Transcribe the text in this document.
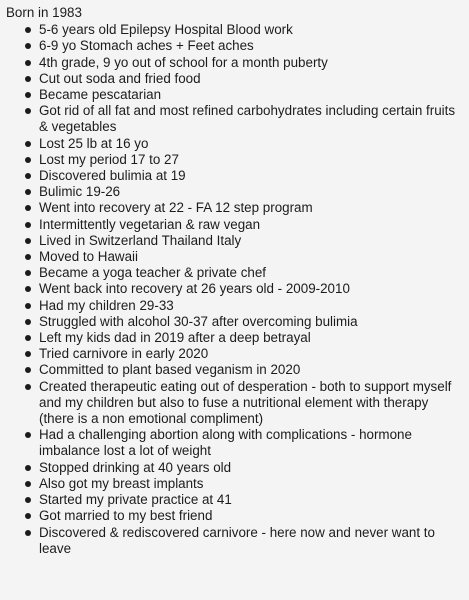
Born in 1983
5-6 years old Epilepsy Hospital Blood work
6-9 yo Stomach aches + Feet aches
4th grade, 9 yo out of school for a month puberty
Cut out soda and fried food
Became pescatarian
Got rid of all fat and most refined carbohydrates including certain fruits & vegetables
Lost 25 lb at 16 yo
Lost my period 17 to 27
Discovered bulimia at 19
Bulimic 19-26
Went into recovery at 22 - FA 12 step program
Intermittently vegetarian & raw vegan
Lived in Switzerland Thailand Italy
Moved to Hawaii
Became a yoga teacher & private chef
Went back into recovery at 26 years old - 2009-2010
Had my children 29-33
Struggled with alcohol 30-37 after overcoming bulimia
Left my kids dad in 2019 after a deep betrayal
Tried carnivore in early 2020
Committed to plant based veganism in 2020
Created therapeutic eating out of desperation - both to support myself and my children but also to fuse a nutritional element with therapy (there is a non emotional compliment)
Had a challenging abortion along with complications - hormone imbalance lost a lot of weight
Stopped drinking at 40 years old
Also got my breast implants
Started my private practice at 41
Got married to my best friend
Discovered & rediscovered carnivore - here now and never want to leave
